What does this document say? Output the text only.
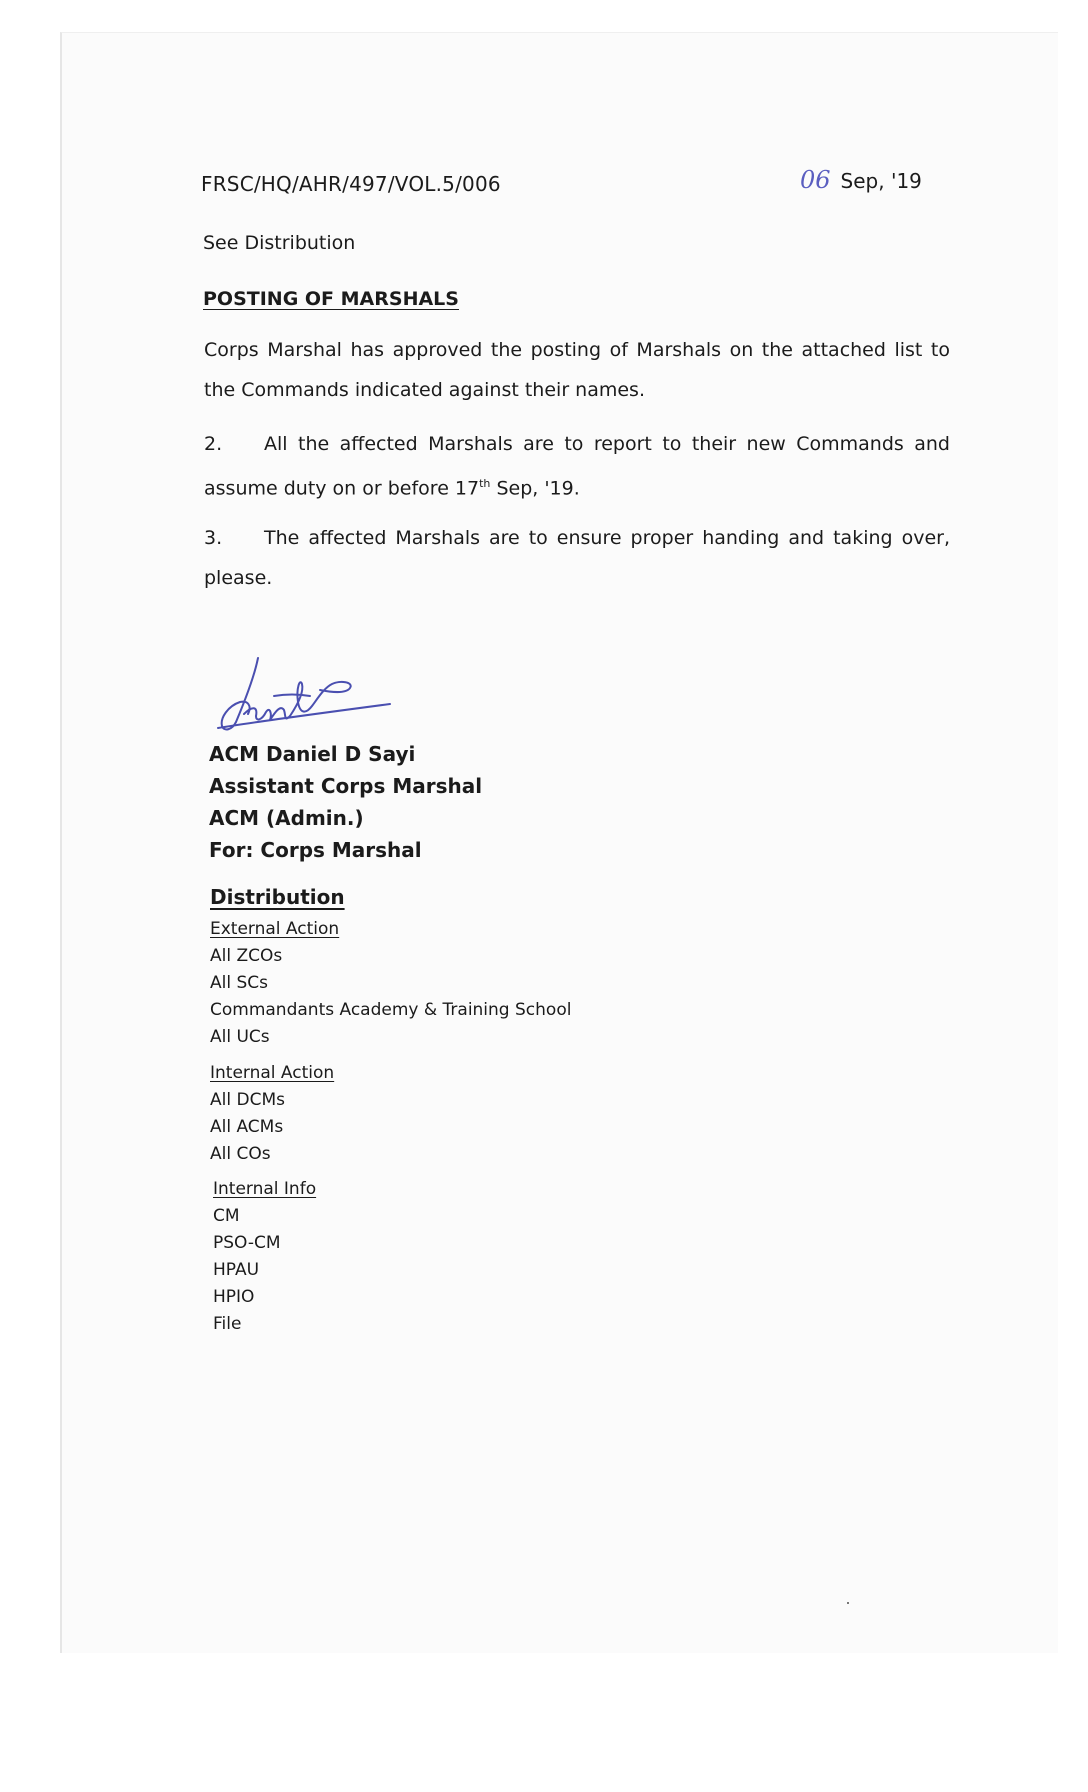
FRSC/HQ/AHR/497/VOL.5/006	06 Sep, '19
See Distribution
POSTING OF MARSHALS
Corps Marshal has approved the posting of Marshals on the attached list to the Commands indicated against their names.
2. All the affected Marshals are to report to their new Commands and assume duty on or before 17th Sep, '19.
3. The affected Marshals are to ensure proper handing and taking over, please.
ACM Daniel D Sayi
Assistant Corps Marshal
ACM (Admin.)
For: Corps Marshal
Distribution
External Action
All ZCOs
All SCs
Commandants Academy & Training School
All UCs
Internal Action
All DCMs
All ACMs
All COs
Internal Info
CM
PSO-CM
HPAU
HPIO
File
